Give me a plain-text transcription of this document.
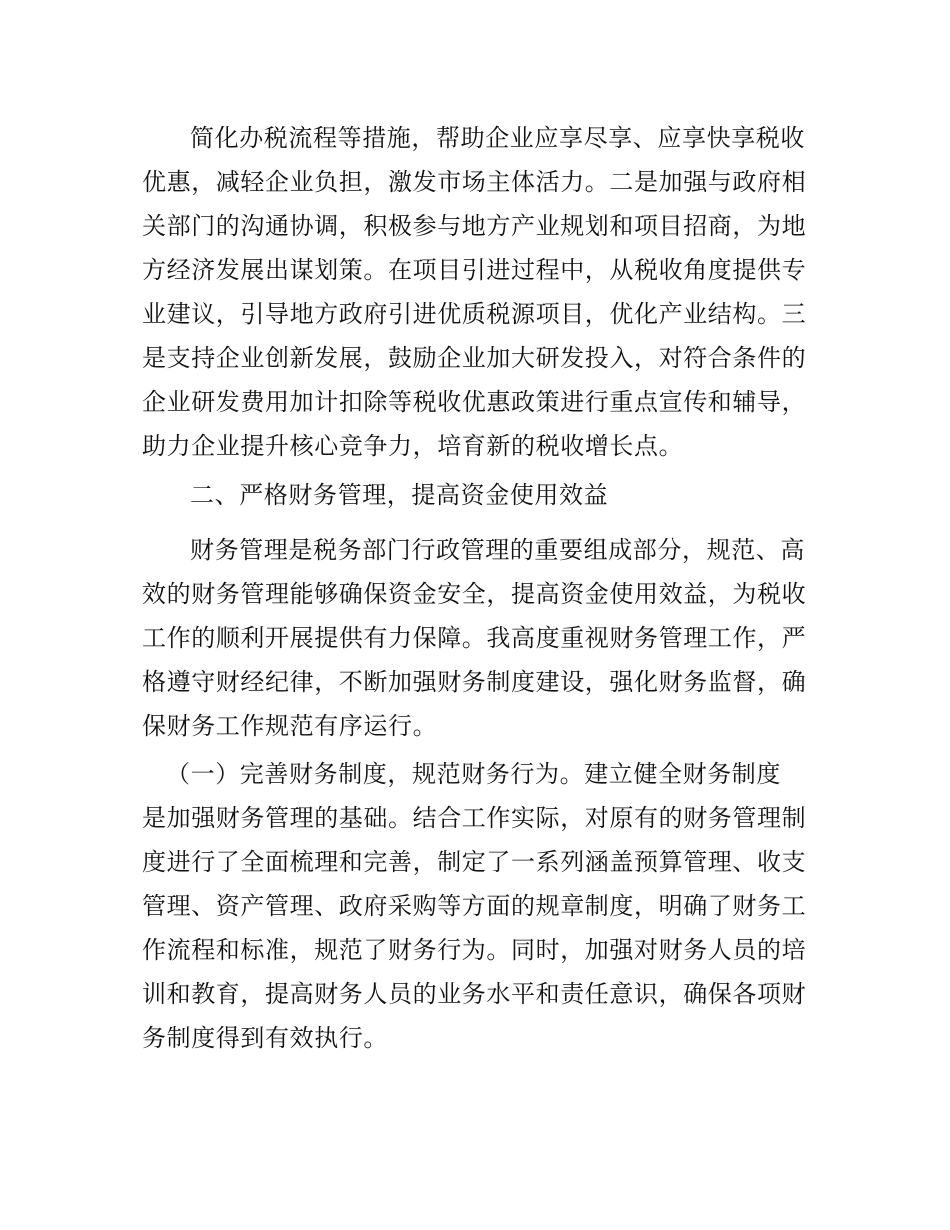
简化办税流程等措施，帮助企业应享尽享、应享快享税收
优惠，减轻企业负担，激发市场主体活力。二是加强与政府相
关部门的沟通协调，积极参与地方产业规划和项目招商，为地
方经济发展出谋划策。在项目引进过程中，从税收角度提供专
业建议，引导地方政府引进优质税源项目，优化产业结构。三
是支持企业创新发展，鼓励企业加大研发投入，对符合条件的
企业研发费用加计扣除等税收优惠政策进行重点宣传和辅导，
助力企业提升核心竞争力，培育新的税收增长点。
二、严格财务管理，提高资金使用效益
财务管理是税务部门行政管理的重要组成部分，规范、高
效的财务管理能够确保资金安全，提高资金使用效益，为税收
工作的顺利开展提供有力保障。我高度重视财务管理工作，严
格遵守财经纪律，不断加强财务制度建设，强化财务监督，确
保财务工作规范有序运行。
（一）完善财务制度，规范财务行为。建立健全财务制度
是加强财务管理的基础。结合工作实际，对原有的财务管理制
度进行了全面梳理和完善，制定了一系列涵盖预算管理、收支
管理、资产管理、政府采购等方面的规章制度，明确了财务工
作流程和标准，规范了财务行为。同时，加强对财务人员的培
训和教育，提高财务人员的业务水平和责任意识，确保各项财
务制度得到有效执行。
